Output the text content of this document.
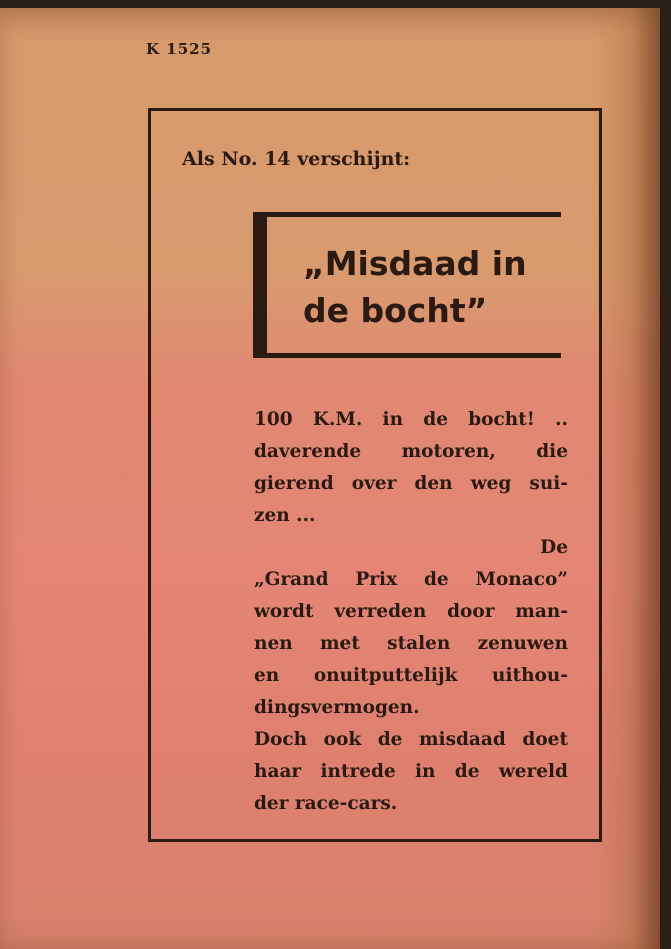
K 1525
Als No. 14 verschijnt:
„Misdaad in
de bocht”
100 K.M. in de bocht! ..
daverende motoren, die
gierend over den weg sui-
zen ...
De
„Grand Prix de Monaco”
wordt verreden door man-
nen met stalen zenuwen
en onuitputtelijk uithou-
dingsvermogen.
Doch ook de misdaad doet
haar intrede in de wereld
der race-cars.
